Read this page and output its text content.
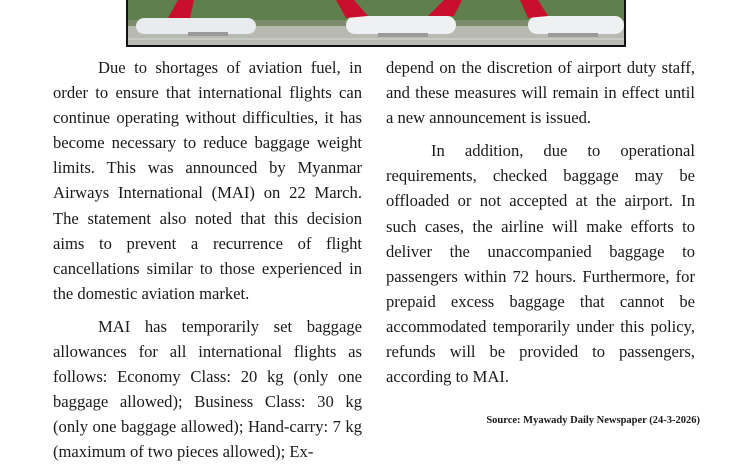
Due to shortages of aviation fuel, in order to ensure that international flights can continue operating without difficulties, it has become necessary to reduce baggage weight limits. This was announced by Myanmar Airways International (MAI) on 22 March. The statement also noted that this decision aims to prevent a recurrence of flight cancellations similar to those experienced in the domestic aviation market.

MAI has temporarily set baggage allowances for all international flights as follows: Economy Class: 20 kg (only one baggage allowed); Business Class: 30 kg (only one baggage allowed); Hand-carry: 7 kg (maximum of two pieces allowed); Ex-

depend on the discretion of airport duty staff, and these measures will remain in effect until a new announcement is issued.

In addition, due to operational requirements, checked baggage may be offloaded or not accepted at the airport. In such cases, the airline will make efforts to deliver the unaccompanied baggage to passengers within 72 hours. Furthermore, for prepaid excess baggage that cannot be accommodated temporarily under this policy, refunds will be provided to passengers, according to MAI.

Source: Myawady Daily Newspaper (24-3-2026)
